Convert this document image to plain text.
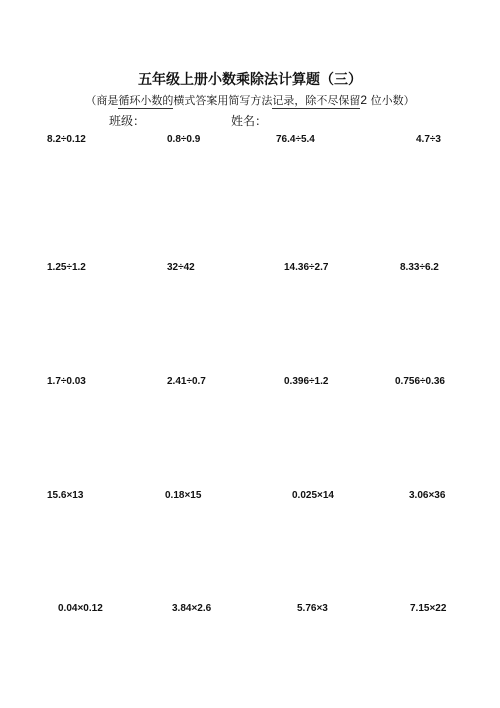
五年级上册小数乘除法计算题（三）
（商是循环小数的横式答案用简写方法记录，除不尽保留2 位小数）
班级：	姓名：
8.2÷0.12	0.8÷0.9	76.4÷5.4	4.7÷3
1.25÷1.2	32÷42	14.36÷2.7	8.33÷6.2
1.7÷0.03	2.41÷0.7	0.396÷1.2	0.756÷0.36
15.6×13	0.18×15	0.025×14	3.06×36
0.04×0.12	3.84×2.6	5.76×3	7.15×22
